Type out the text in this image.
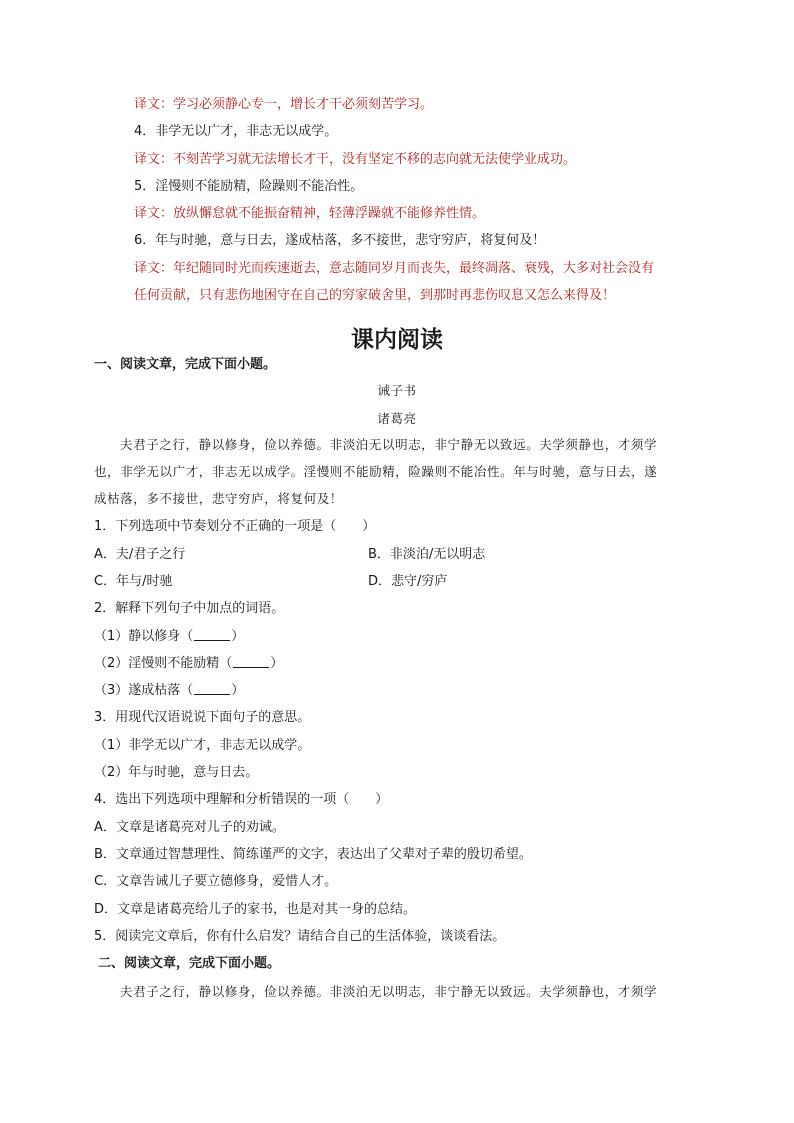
译文：学习必须静心专一，增长才干必须刻苦学习。
4．非学无以广才，非志无以成学。
译文：不刻苦学习就无法增长才干，没有坚定不移的志向就无法使学业成功。
5．淫慢则不能励精，险躁则不能冶性。
译文：放纵懈怠就不能振奋精神，轻薄浮躁就不能修养性情。
6．年与时驰，意与日去，遂成枯落，多不接世，悲守穷庐，将复何及！
译文：年纪随同时光而疾速逝去，意志随同岁月而丧失，最终凋落、衰残，大多对社会没有
任何贡献，只有悲伤地困守在自己的穷家破舍里，到那时再悲伤叹息又怎么来得及！
课内阅读
一、阅读文章，完成下面小题。
诫子书
诸葛亮
夫君子之行，静以修身，俭以养德。非淡泊无以明志，非宁静无以致远。夫学须静也，才须学
也，非学无以广才，非志无以成学。淫慢则不能励精，险躁则不能冶性。年与时驰，意与日去，遂
成枯落，多不接世，悲守穷庐，将复何及！
1．下列选项中节奏划分不正确的一项是（　　）
A．夫/君子之行	B．非淡泊/无以明志
C．年与/时驰	D．悲守/穷庐
2．解释下列句子中加点的词语。
（1）静以修身（	）
（2）淫慢则不能励精（	）
（3）遂成枯落（	）
3．用现代汉语说说下面句子的意思。
（1）非学无以广才，非志无以成学。
（2）年与时驰，意与日去。
4．选出下列选项中理解和分析错误的一项（　　）
A．文章是诸葛亮对儿子的劝诫。
B．文章通过智慧理性、简练谨严的文字，表达出了父辈对子辈的殷切希望。
C．文章告诫儿子要立德修身，爱惜人才。
D．文章是诸葛亮给儿子的家书，也是对其一身的总结。
5．阅读完文章后，你有什么启发？请结合自己的生活体验，谈谈看法。
二、阅读文章，完成下面小题。
夫君子之行，静以修身，俭以养德。非淡泊无以明志，非宁静无以致远。夫学须静也，才须学
